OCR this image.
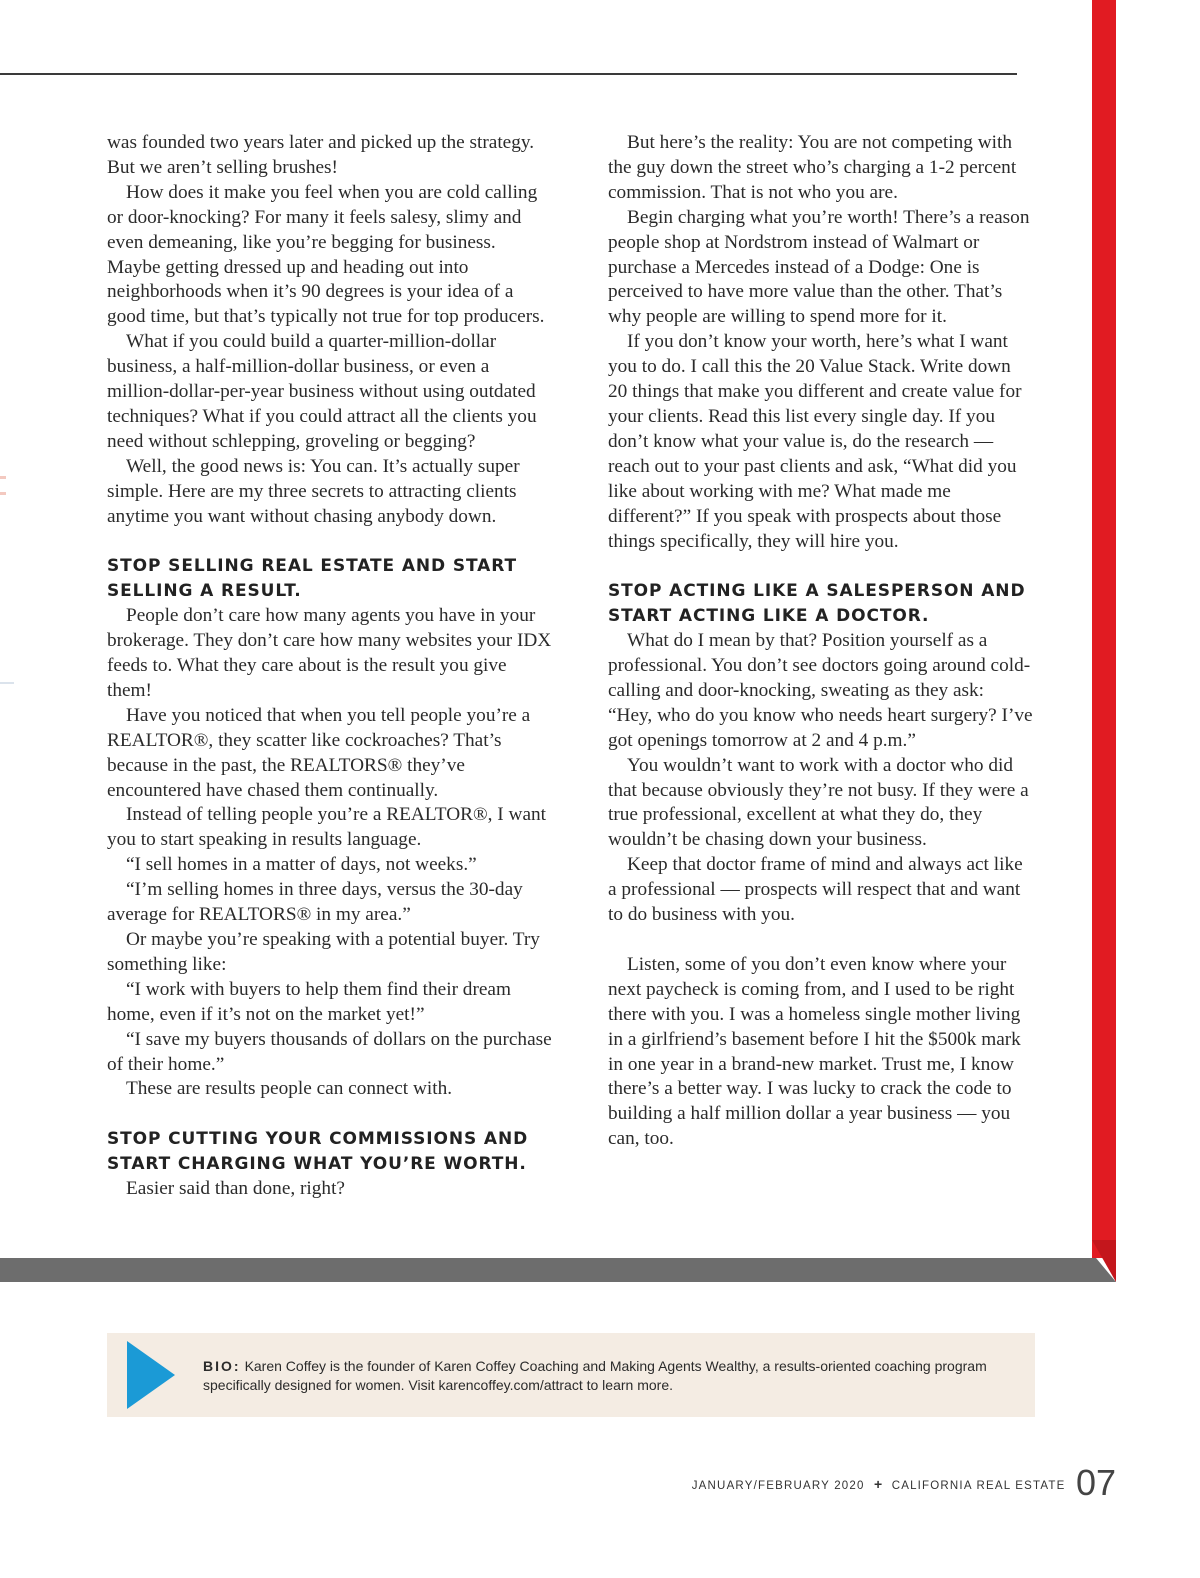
was founded two years later and picked up the strategy. But we aren’t selling brushes!

How does it make you feel when you are cold calling or door-knocking? For many it feels salesy, slimy and even demeaning, like you’re begging for business. Maybe getting dressed up and heading out into neighborhoods when it’s 90 degrees is your idea of a good time, but that’s typically not true for top producers.

What if you could build a quarter-million-dollar business, a half-million-dollar business, or even a million-dollar-per-year business without using outdated techniques? What if you could attract all the clients you need without schlepping, groveling or begging?

Well, the good news is: You can. It’s actually super simple. Here are my three secrets to attracting clients anytime you want without chasing anybody down.

STOP SELLING REAL ESTATE AND START SELLING A RESULT.

People don’t care how many agents you have in your brokerage. They don’t care how many websites your IDX feeds to. What they care about is the result you give them!

Have you noticed that when you tell people you’re a REALTOR®, they scatter like cockroaches? That’s because in the past, the REALTORS® they’ve encountered have chased them continually.

Instead of telling people you’re a REALTOR®, I want you to start speaking in results language.

“I sell homes in a matter of days, not weeks.”

“I’m selling homes in three days, versus the 30-day average for REALTORS® in my area.”

Or maybe you’re speaking with a potential buyer. Try something like:

“I work with buyers to help them find their dream home, even if it’s not on the market yet!”

“I save my buyers thousands of dollars on the purchase of their home.”

These are results people can connect with.

STOP CUTTING YOUR COMMISSIONS AND START CHARGING WHAT YOU’RE WORTH.

Easier said than done, right?

But here’s the reality: You are not competing with the guy down the street who’s charging a 1-2 percent commission. That is not who you are.

Begin charging what you’re worth! There’s a reason people shop at Nordstrom instead of Walmart or purchase a Mercedes instead of a Dodge: One is perceived to have more value than the other. That’s why people are willing to spend more for it.

If you don’t know your worth, here’s what I want you to do. I call this the 20 Value Stack. Write down 20 things that make you different and create value for your clients. Read this list every single day. If you don’t know what your value is, do the research — reach out to your past clients and ask, “What did you like about working with me? What made me different?” If you speak with prospects about those things specifically, they will hire you.

STOP ACTING LIKE A SALESPERSON AND START ACTING LIKE A DOCTOR.

What do I mean by that? Position yourself as a professional. You don’t see doctors going around cold-calling and door-knocking, sweating as they ask: “Hey, who do you know who needs heart surgery? I’ve got openings tomorrow at 2 and 4 p.m.”

You wouldn’t want to work with a doctor who did that because obviously they’re not busy. If they were a true professional, excellent at what they do, they wouldn’t be chasing down your business.

Keep that doctor frame of mind and always act like a professional — prospects will respect that and want to do business with you.

Listen, some of you don’t even know where your next paycheck is coming from, and I used to be right there with you. I was a homeless single mother living in a girlfriend’s basement before I hit the $500k mark in one year in a brand-new market. Trust me, I know there’s a better way. I was lucky to crack the code to building a half million dollar a year business — you can, too.

BIO: Karen Coffey is the founder of Karen Coffey Coaching and Making Agents Wealthy, a results-oriented coaching program specifically designed for women. Visit karencoffey.com/attract to learn more.
$^{JANUARY/FEBRUARY 2020}$ + $^{CALIFORNIA REAL ESTATE}$ 07
